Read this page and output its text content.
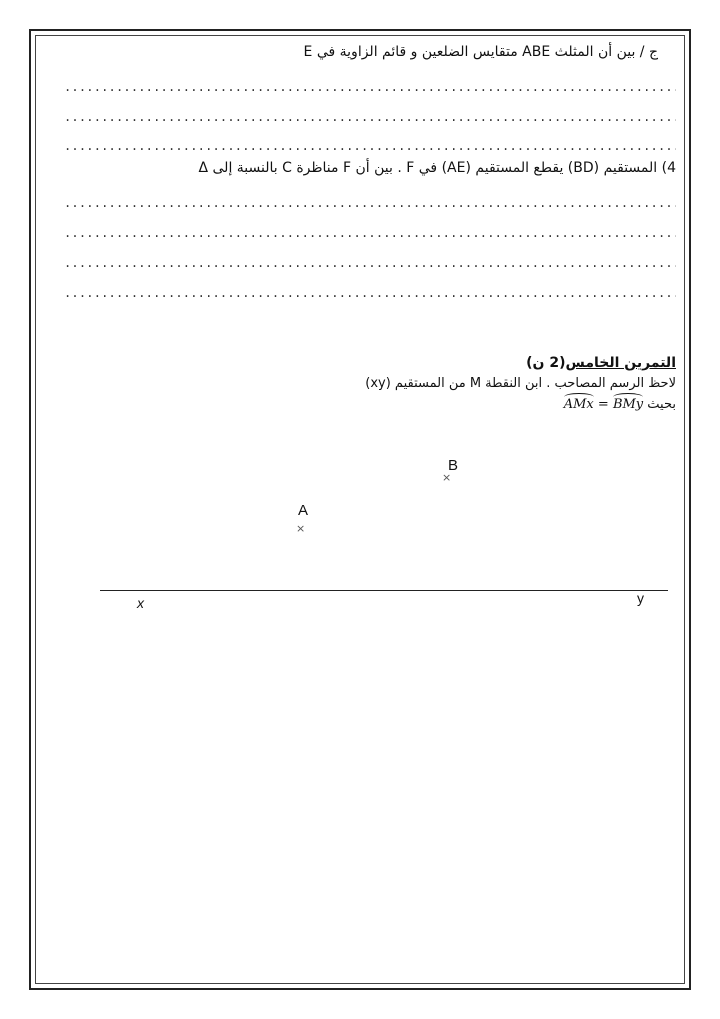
ج / بين أن المثلث ABE متقايس الضلعين و قائم الزاوية في E
.....
.....
.....
4) المستقيم (BD) يقطع المستقيم (AE) في F . بين أن F مناظرة C بالنسبة إلى Δ
.....
.....
.....
.....
التمرين الخامس(2 ن)
لاحظ الرسم المصاحب . ابن النقطة M من المستقيم (xy)
بحيث AMx = BMy
B
×
A
×
x	y
